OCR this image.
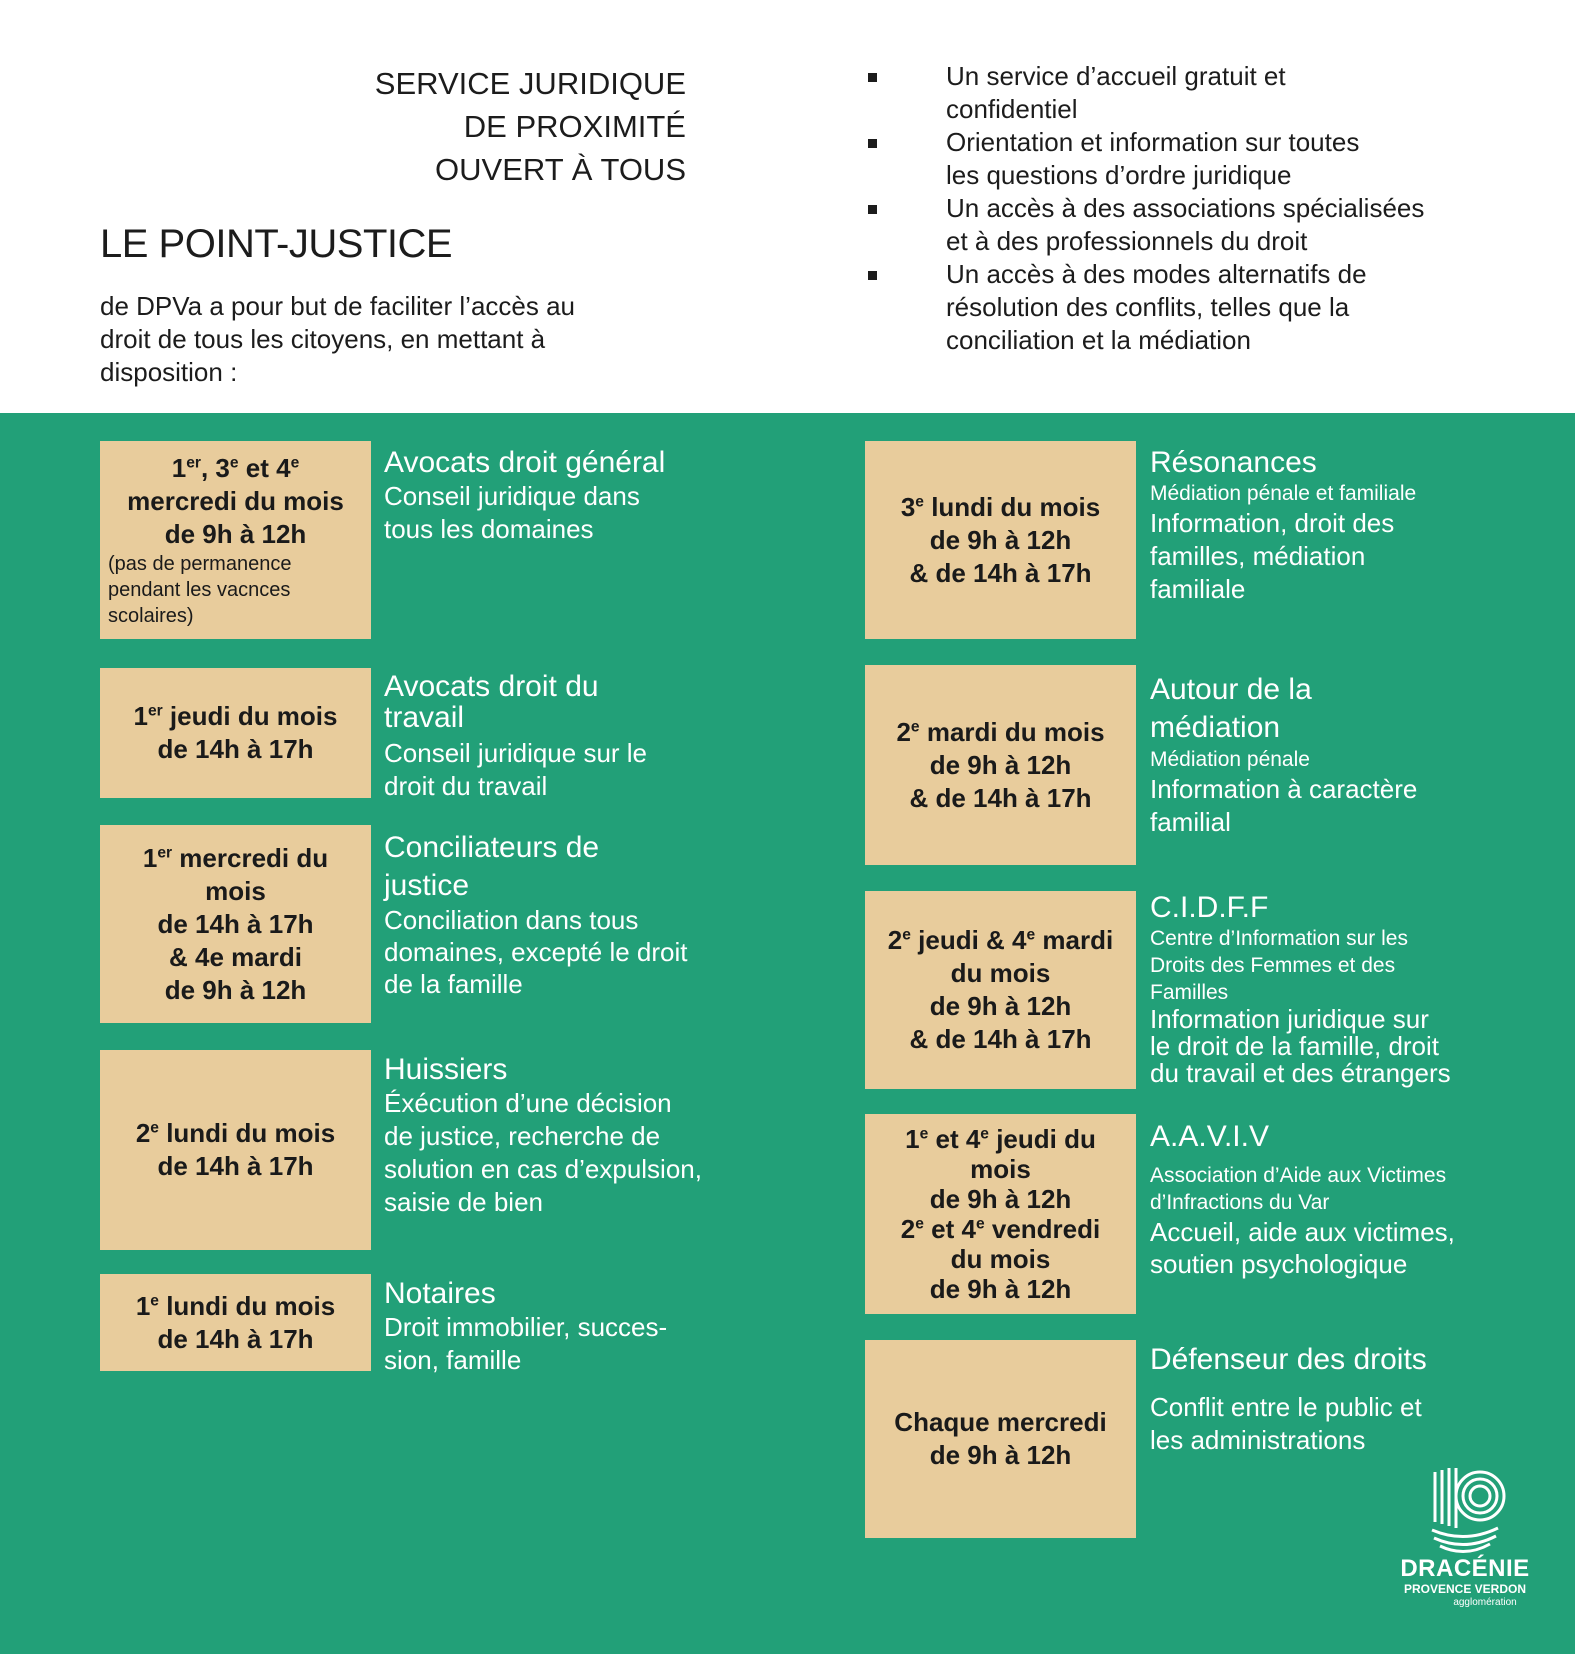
SERVICE JURIDIQUE
DE PROXIMITÉ
OUVERT À TOUS
LE POINT-JUSTICE
de DPVa a pour but de faciliter l’accès au
droit de tous les citoyens, en mettant à
disposition :
Un service d’accueil gratuit et
confidentiel
Orientation et information sur toutes
les questions d’ordre juridique
Un accès à des associations spécialisées
et à des professionnels du droit
Un accès à des modes alternatifs de
résolution des conflits, telles que la
conciliation et la médiation
1er, 3e et 4e
mercredi du mois
de 9h à 12h
(pas de permanence
pendant les vacnces
scolaires)
Avocats droit général
Conseil juridique dans
tous les domaines
1er jeudi du mois
de 14h à 17h
Avocats droit du
travail
Conseil juridique sur le
droit du travail
1er mercredi du
mois
de 14h à 17h
& 4e mardi
de 9h à 12h
Conciliateurs de
justice
Conciliation dans tous
domaines, excepté le droit
de la famille
2e lundi du mois
de 14h à 17h
Huissiers
Éxécution d’une décision
de justice, recherche de
solution en cas d’expulsion,
saisie de bien
1e lundi du mois
de 14h à 17h
Notaires
Droit immobilier, succes-
sion, famille
3e lundi du mois
de 9h à 12h
& de 14h à 17h
Résonances
Médiation pénale et familiale
Information, droit des
familles, médiation
familiale
2e mardi du mois
de 9h à 12h
& de 14h à 17h
Autour de la
médiation
Médiation pénale
Information à caractère
familial
2e jeudi & 4e mardi
du mois
de 9h à 12h
& de 14h à 17h
C.I.D.F.F
Centre d’Information sur les
Droits des Femmes et des
Familles
Information juridique sur
le droit de la famille, droit
du travail et des étrangers
1e et 4e jeudi du
mois
de 9h à 12h
2e et 4e vendredi
du mois
de 9h à 12h
A.A.V.I.V
Association d’Aide aux Victimes
d’Infractions du Var
Accueil, aide aux victimes,
soutien psychologique
Chaque mercredi
de 9h à 12h
Défenseur des droits
Conflit entre le public et
les administrations
DRACÉNIE
PROVENCE VERDON
agglomération
